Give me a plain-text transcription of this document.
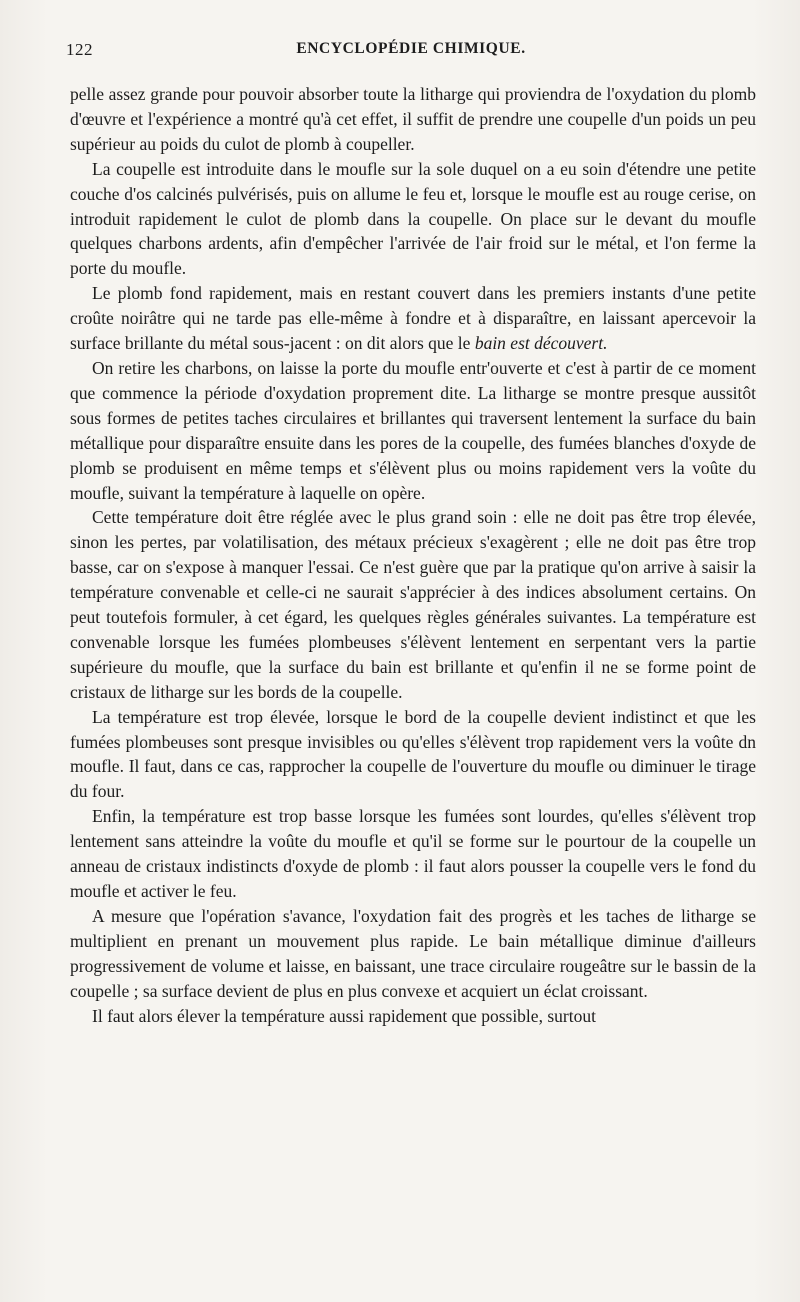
122	ENCYCLOPÉDIE CHIMIQUE.

pelle assez grande pour pouvoir absorber toute la litharge qui proviendra de l'oxydation du plomb d'œuvre et l'expérience a montré qu'à cet effet, il suffit de prendre une coupelle d'un poids un peu supérieur au poids du culot de plomb à coupeller.

La coupelle est introduite dans le moufle sur la sole duquel on a eu soin d'étendre une petite couche d'os calcinés pulvérisés, puis on allume le feu et, lorsque le moufle est au rouge cerise, on introduit rapidement le culot de plomb dans la coupelle. On place sur le devant du moufle quelques charbons ardents, afin d'empêcher l'arrivée de l'air froid sur le métal, et l'on ferme la porte du moufle.

Le plomb fond rapidement, mais en restant couvert dans les premiers instants d'une petite croûte noirâtre qui ne tarde pas elle-même à fondre et à disparaître, en laissant apercevoir la surface brillante du métal sous-jacent : on dit alors que le bain est découvert.

On retire les charbons, on laisse la porte du moufle entr'ouverte et c'est à partir de ce moment que commence la période d'oxydation proprement dite. La litharge se montre presque aussitôt sous formes de petites taches circulaires et brillantes qui traversent lentement la surface du bain métallique pour disparaître ensuite dans les pores de la coupelle, des fumées blanches d'oxyde de plomb se produisent en même temps et s'élèvent plus ou moins rapidement vers la voûte du moufle, suivant la température à laquelle on opère.

Cette température doit être réglée avec le plus grand soin : elle ne doit pas être trop élevée, sinon les pertes, par volatilisation, des métaux précieux s'exagèrent ; elle ne doit pas être trop basse, car on s'expose à manquer l'essai. Ce n'est guère que par la pratique qu'on arrive à saisir la température convenable et celle-ci ne saurait s'apprécier à des indices absolument certains. On peut toutefois formuler, à cet égard, les quelques règles générales suivantes. La température est convenable lorsque les fumées plombeuses s'élèvent lentement en serpentant vers la partie supérieure du moufle, que la surface du bain est brillante et qu'enfin il ne se forme point de cristaux de litharge sur les bords de la coupelle.

La température est trop élevée, lorsque le bord de la coupelle devient indistinct et que les fumées plombeuses sont presque invisibles ou qu'elles s'élèvent trop rapidement vers la voûte dn moufle. Il faut, dans ce cas, rapprocher la coupelle de l'ouverture du moufle ou diminuer le tirage du four.

Enfin, la température est trop basse lorsque les fumées sont lourdes, qu'elles s'élèvent trop lentement sans atteindre la voûte du moufle et qu'il se forme sur le pourtour de la coupelle un anneau de cristaux indistincts d'oxyde de plomb : il faut alors pousser la coupelle vers le fond du moufle et activer le feu.

A mesure que l'opération s'avance, l'oxydation fait des progrès et les taches de litharge se multiplient en prenant un mouvement plus rapide. Le bain métallique diminue d'ailleurs progressivement de volume et laisse, en baissant, une trace circulaire rougeâtre sur le bassin de la coupelle ; sa surface devient de plus en plus convexe et acquiert un éclat croissant.

Il faut alors élever la température aussi rapidement que possible, surtout
